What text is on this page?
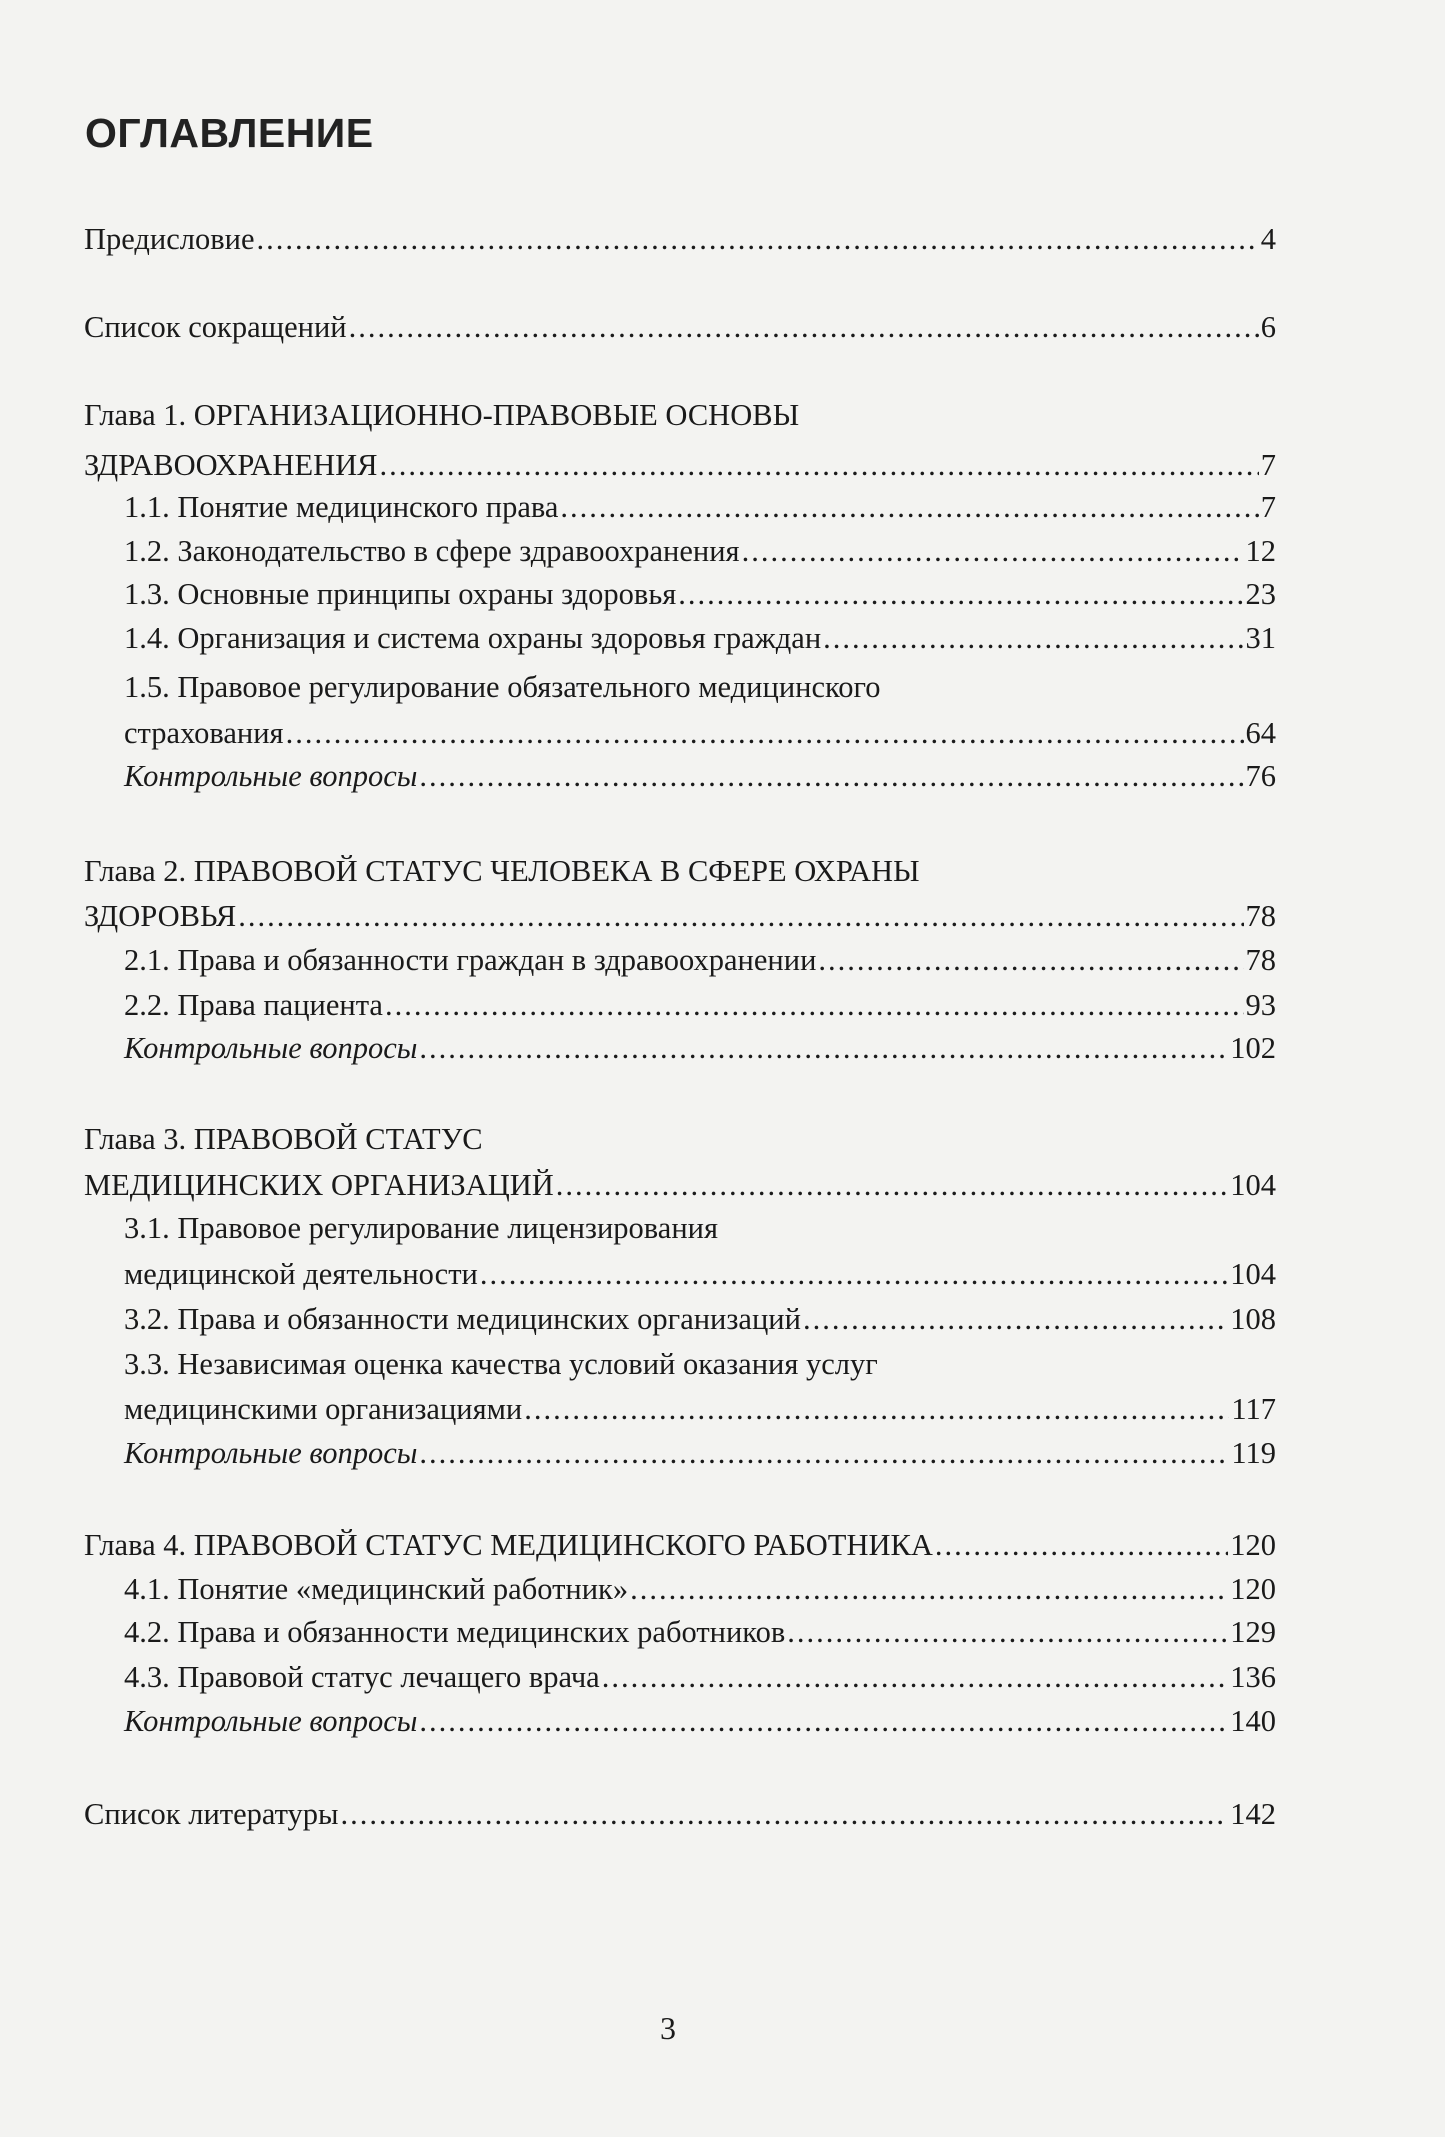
ОГЛАВЛЕНИЕ
Предисловие .....	4
Список сокращений .....	6
Глава 1. ОРГАНИЗАЦИОННО-ПРАВОВЫЕ ОСНОВЫ
ЗДРАВООХРАНЕНИЯ .....	7
1.1. Понятие медицинского права .....	7
1.2. Законодательство в сфере здравоохранения .....	12
1.3. Основные принципы охраны здоровья .....	23
1.4. Организация и система охраны здоровья граждан .....	31
1.5. Правовое регулирование обязательного медицинского
страхования .....	64
Контрольные вопросы .....	76
Глава 2. ПРАВОВОЙ СТАТУС ЧЕЛОВЕКА В СФЕРЕ ОХРАНЫ
ЗДОРОВЬЯ .....	78
2.1. Права и обязанности граждан в здравоохранении .....	78
2.2. Права пациента .....	93
Контрольные вопросы .....	102
Глава 3. ПРАВОВОЙ СТАТУС
МЕДИЦИНСКИХ ОРГАНИЗАЦИЙ .....	104
3.1. Правовое регулирование лицензирования
медицинской деятельности .....	104
3.2. Права и обязанности медицинских организаций .....	108
3.3. Независимая оценка качества условий оказания услуг
медицинскими организациями .....	117
Контрольные вопросы .....	119
Глава 4. ПРАВОВОЙ СТАТУС МЕДИЦИНСКОГО РАБОТНИКА .....	120
4.1. Понятие «медицинский работник» .....	120
4.2. Права и обязанности медицинских работников .....	129
4.3. Правовой статус лечащего врача .....	136
Контрольные вопросы .....	140
Список литературы .....	142
3
